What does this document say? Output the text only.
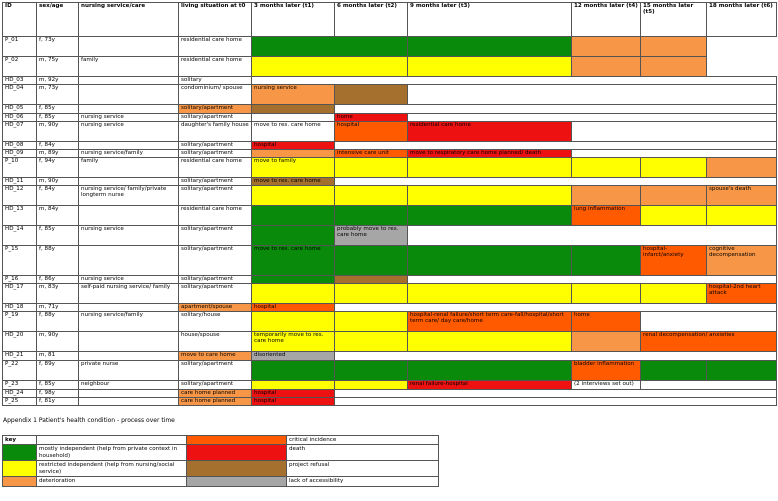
ID	sex/age	nursing service/care	living situation at t0	3 months later (t1)	6 months later (t2)	9 months later (t3)	12 months later (t4)	15 months later (t5)	18 months later (t6)
P_01	f, 73y		residential care home						
P_02	m, 75y	family	residential care home						
HD_03	m, 92y		solitary						
HD_04	m, 73y		condominium/ spouse	nursing service					
HD_05	f, 85y		solitary/apartment						
HD_06	f, 85y	nursing service	solitary/apartment		home				
HD_07	m, 90y	nursing service	daughter's family house	move to res. care home	hospital	residential care home			
HD_08	f, 84y		solitary/apartment	hospital					
HD_09	m, 89y	nursing service/family	solitary/apartment		intensive care unit	move to respiratory care home planned/ death			
P_10	f, 94y	family	residential care home	move to family					
HD_11	m, 90y		solitary/apartment	move to res. care home					
HD_12	f, 84y	nursing service/ family/private longterm nurse	solitary/apartment						spouse's death
HD_13	m, 84y		residential care home				lung inflammation		
HD_14	f, 85y	nursing service	solitary/apartment		probably move to res. care home				
P_15	f, 88y		solitary/apartment	move to res. care home				hospital-infarct/anxiety	cognitive decompensation
P_16	f, 86y	nursing service	solitary/apartment						
HD_17	m, 83y	self-paid nursing service/ family	solitary/apartment						hospital-2nd heart attack
HD_18	m, 71y		apartment/spouse	hospital					
P_19	f, 88y	nursing service/family	solitary/house			hospital-renal failure/short term care-fall/hospital/short term care/ day care/home	home		
HD_20	m, 90y		house/spouse	temporarily move to res. care home				renal decompensation/ anxieties	
HD_21	m, 81		move to care home	disoriented					
P_22	f, 89y	private nurse	solitary/apartment				bladder inflammation		
P_23	f, 85y	neighbour	solitary/apartment			renal failure-hospital	(2 interviews set out)		
HD_24	f, 98y		care home planned	hospital					
P_25	f, 81y		care home planned	hospital					
Appendix 1 Patient's health condition - process over time
key			critical incidence
	mostly independent (help from private context in household)		death
	restricted independent (help from nursing/social service)		project refusal
	deterioration		lack of accessibility
